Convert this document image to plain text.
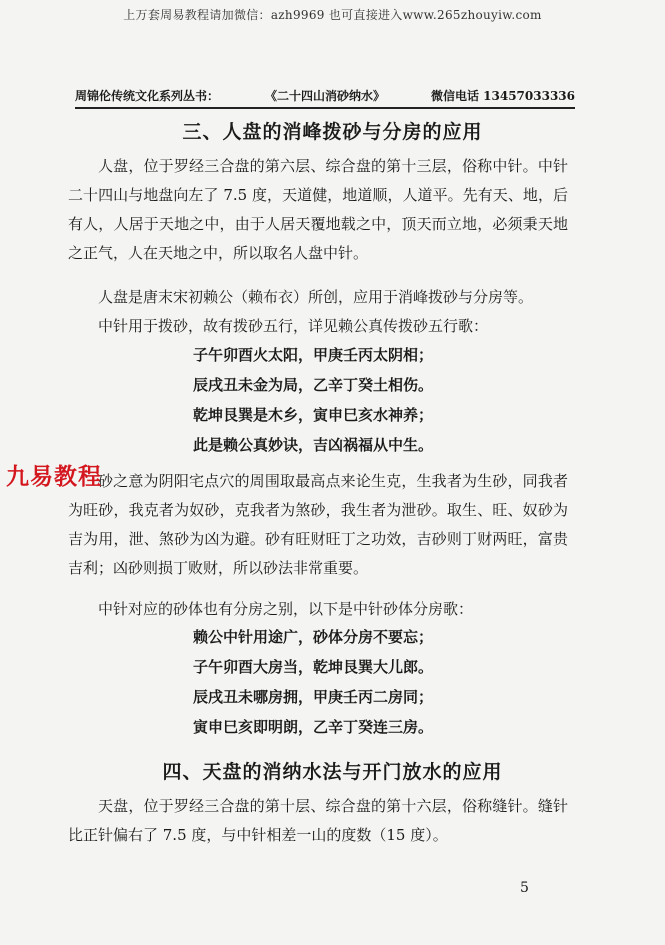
上万套周易教程请加微信：azh9969 也可直接进入www.265zhouyiw.com
周锦伦传统文化系列丛书：	《二十四山消砂纳水》	微信电话 13457033336
三、人盘的消峰拨砂与分房的应用

人盘，位于罗经三合盘的第六层、综合盘的第十三层，俗称中针。中针二十四山与地盘向左了 7.5 度，天道健，地道顺，人道平。先有天、地，后有人，人居于天地之中，由于人居天覆地载之中，顶天而立地，必须秉天地之正气，人在天地之中，所以取名人盘中针。

人盘是唐末宋初赖公（赖布衣）所创，应用于消峰拨砂与分房等。

中针用于拨砂，故有拨砂五行，详见赖公真传拨砂五行歌：

子午卯酉火太阳，甲庚壬丙太阴相；
辰戌丑未金为局，乙辛丁癸土相伤。
乾坤艮巽是木乡，寅申巳亥水神养；
此是赖公真妙诀，吉凶祸福从中生。

砂之意为阴阳宅点穴的周围取最高点来论生克，生我者为生砂，同我者为旺砂，我克者为奴砂，克我者为煞砂，我生者为泄砂。取生、旺、奴砂为吉为用，泄、煞砂为凶为避。砂有旺财旺丁之功效，吉砂则丁财两旺，富贵吉利；凶砂则损丁败财，所以砂法非常重要。

中针对应的砂体也有分房之别，以下是中针砂体分房歌：

赖公中针用途广，砂体分房不要忘；
子午卯酉大房当，乾坤艮巽大儿郎。
辰戌丑未哪房拥，甲庚壬丙二房同；
寅申巳亥即明朗，乙辛丁癸连三房。
四、天盘的消纳水法与开门放水的应用

天盘，位于罗经三合盘的第十层、综合盘的第十六层，俗称缝针。缝针比正针偏右了 7.5 度，与中针相差一山的度数（15 度）。

九易教程
5
